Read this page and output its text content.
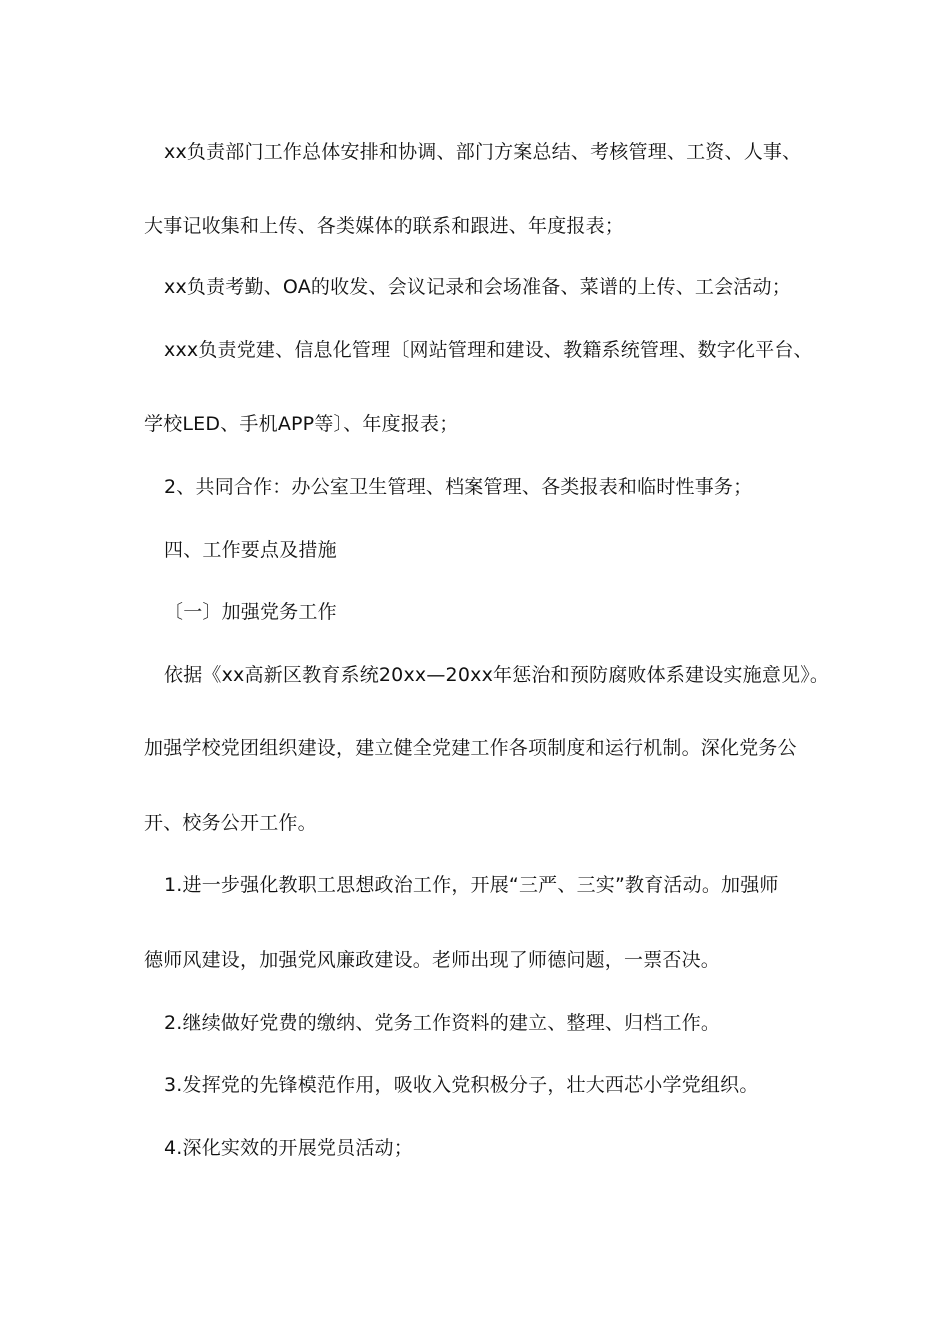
xx负责部门工作总体安排和协调、部门方案总结、考核管理、工资、人事、
大事记收集和上传、各类媒体的联系和跟进、年度报表；
xx负责考勤、OA的收发、会议记录和会场准备、菜谱的上传、工会活动；
xxx负责党建、信息化管理〔网站管理和建设、教籍系统管理、数字化平台、
学校LED、手机APP等〕、年度报表；
2、共同合作：办公室卫生管理、档案管理、各类报表和临时性事务；
四、工作要点及措施
〔一〕加强党务工作
依据《xx高新区教育系统20xx—20xx年惩治和预防腐败体系建设实施意见》。
加强学校党团组织建设，建立健全党建工作各项制度和运行机制。深化党务公
开、校务公开工作。
1.进一步强化教职工思想政治工作，开展“三严、三实”教育活动。加强师
德师风建设，加强党风廉政建设。老师出现了师德问题，一票否决。
2.继续做好党费的缴纳、党务工作资料的建立、整理、归档工作。
3.发挥党的先锋模范作用，吸收入党积极分子，壮大西芯小学党组织。
4.深化实效的开展党员活动；
